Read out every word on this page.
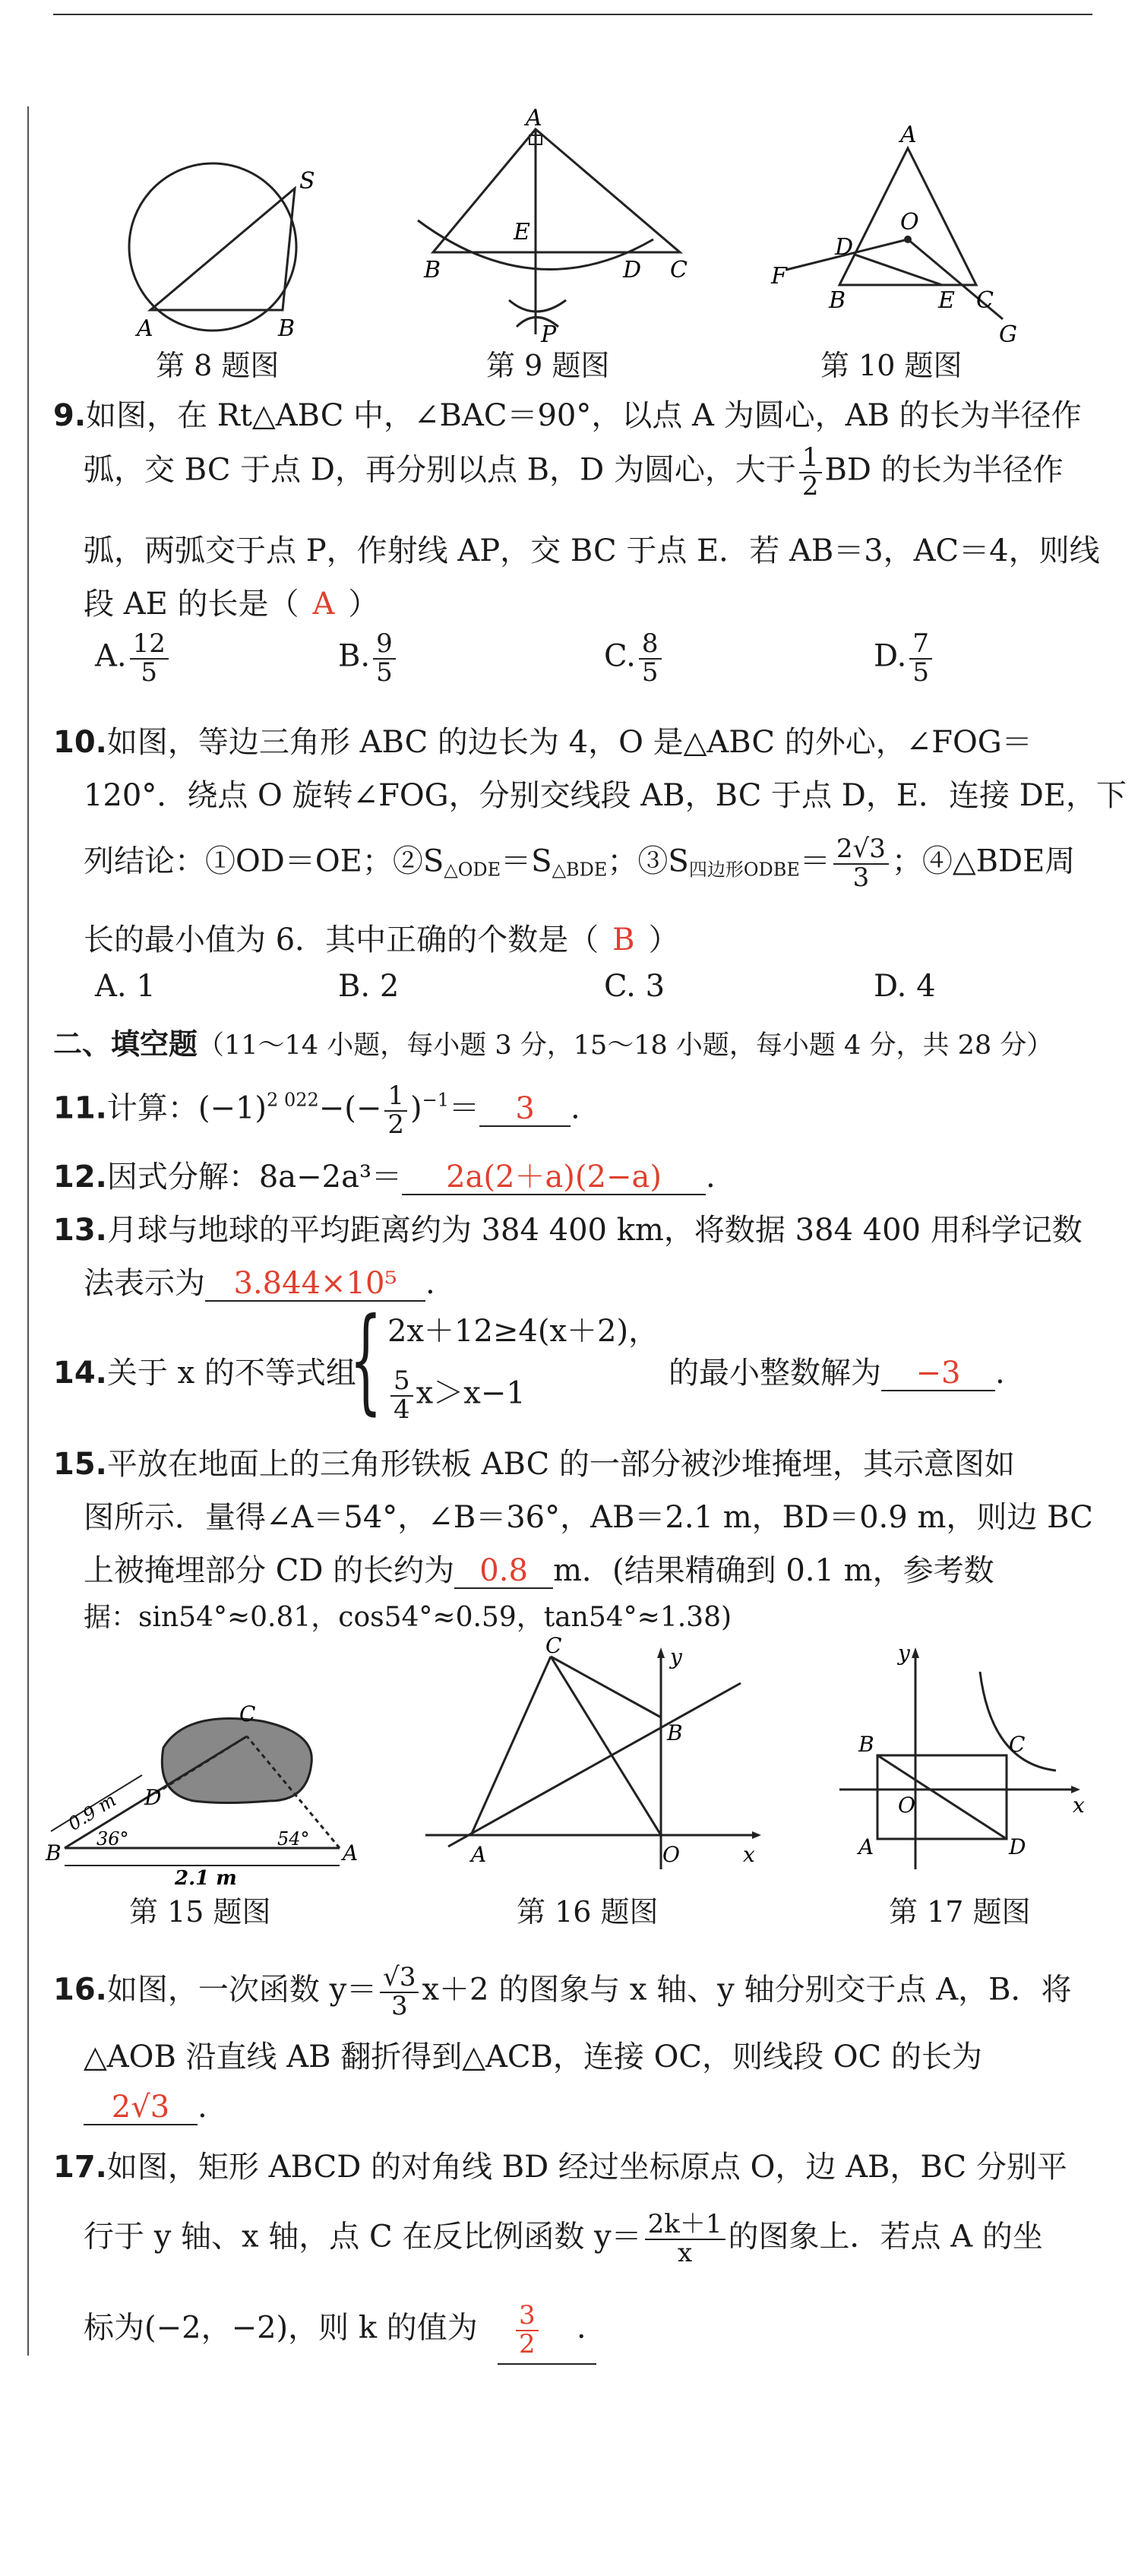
S
A	B
第 8 题图
A
E
B	D C
P
第 9 题图
A
O
D
F
B	E C
G
第 10 题图
9.如图，在 Rt△ABC 中，∠BAC＝90°，以点 A 为圆心，AB 的长为半径作
弧，交 BC 于点 D，再分别以点 B，D 为圆心，大于 $\frac{1}{2}$ BD 的长为半径作
弧，两弧交于点 P，作射线 AP，交 BC 于点 E．若 AB＝3，AC＝4，则线
段 AE 的长是（ A ）
A. $\frac{12}{5}$	B. $\frac{9}{5}$	C. $\frac{8}{5}$	D. $\frac{7}{5}$
10.如图，等边三角形 ABC 的边长为 4，O 是△ABC 的外心，∠FOG＝
120°．绕点 O 旋转∠FOG，分别交线段 AB，BC 于点 D，E．连接 DE，下
列结论：①OD＝OE；$②S_{\triangle ODE}=S_{\triangle BDE}$；$③S_{四边形ODBE}= \frac{2√3}{3}$ ；④△BDE周
长的最小值为 6．其中正确的个数是（ B ）
A. 1	B. 2	C. 3	D. 4
二、填空题（11～14 小题，每小题 3 分，15～18 小题，每小题 4 分，共 28 分）
11.计算：$(-1)^{2 022}-(- \frac{1}{2} )^{-1}= 3$ .
12.因式分解：8a−2a³＝ 2a(2＋a)(2−a) .
13.月球与地球的平均距离约为 384 400 km，将数据 384 400 用科学记数
法表示为 3.844×10⁵ .
14.关于 x 的不等式组
{ 2x＋12≥4(x＋2)，
$\frac{5}{4} x>x-1$
的最小整数解为 −3 .
15.平放在地面上的三角形铁板 ABC 的一部分被沙堆掩埋，其示意图如
图所示．量得∠A＝54°，∠B＝36°，AB＝2.1 m，BD＝0.9 m，则边 BC
上被掩埋部分 CD 的长约为 0.8 m．(结果精确到 0.1 m，参考数
据：sin54°≈0.81，cos54°≈0.59，tan54°≈1.38)
C
D
0.9 m
36°	54°
B	A
2.1 m
第 15 题图
C	y
B
A	O	x
第 16 题图
y
B	C
O	x
A	D
第 17 题图
16.如图，一次函数 $y= \frac{√3}{3} x+2$ 的图象与 x 轴、y 轴分别交于点 A，B．将
△AOB 沿直线 AB 翻折得到△ACB，连接 OC，则线段 OC 的长为
2√3 .
17.如图，矩形 ABCD 的对角线 BD 经过坐标原点 O，边 AB，BC 分别平
行于 y 轴、x 轴，点 C 在反比例函数 $y= \frac{2k+1}{x}$ 的图象上．若点 A 的坐
标为(−2，−2)，则 k 的值为 $\frac{3}{2}$ .
